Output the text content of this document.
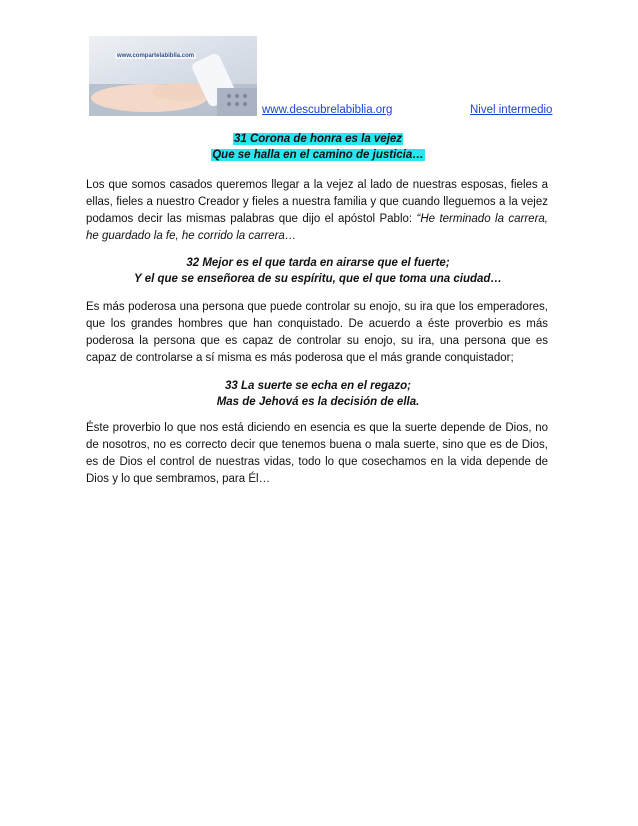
www.compartelabiblia.com
www.descubrelabiblia.org	Nivel intermedio
31 Corona de honra es la vejez
Que se halla en el camino de justicia…

Los que somos casados queremos llegar a la vejez al lado de nuestras esposas, fieles a ellas, fieles a nuestro Creador y fieles a nuestra familia y que cuando lleguemos a la vejez podamos decir las mismas palabras que dijo el apóstol Pablo: “He terminado la carrera, he guardado la fe, he corrido la carrera…

32 Mejor es el que tarda en airarse que el fuerte;
Y el que se enseñorea de su espíritu, que el que toma una ciudad…

Es más poderosa una persona que puede controlar su enojo, su ira que los emperadores, que los grandes hombres que han conquistado. De acuerdo a éste proverbio es más poderosa la persona que es capaz de controlar su enojo, su ira, una persona que es capaz de controlarse a sí misma es más poderosa que el más grande conquistador;

33 La suerte se echa en el regazo;
Mas de Jehová es la decisión de ella.

Éste proverbio lo que nos está diciendo en esencia es que la suerte depende de Dios, no de nosotros, no es correcto decir que tenemos buena o mala suerte, sino que es de Dios, es de Dios el control de nuestras vidas, todo lo que cosechamos en la vida depende de Dios y lo que sembramos, para Él…
